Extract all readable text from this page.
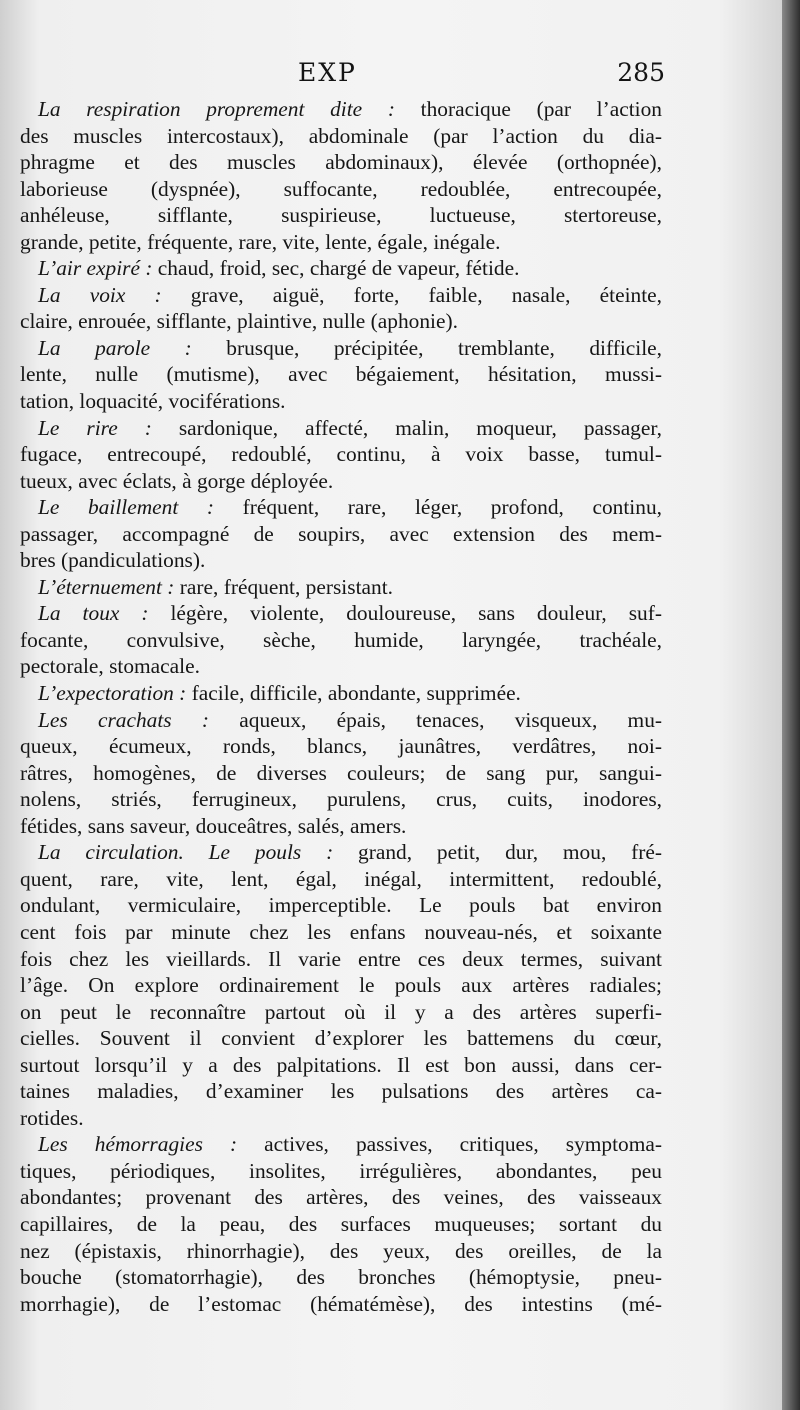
EXP	285
La respiration proprement dite : thoracique (par l’action
des muscles intercostaux), abdominale (par l’action du dia-
phragme et des muscles abdominaux), élevée (orthopnée),
laborieuse (dyspnée), suffocante, redoublée, entrecoupée,
anhéleuse, sifflante, suspirieuse, luctueuse, stertoreuse,
grande, petite, fréquente, rare, vite, lente, égale, inégale.
L’air expiré : chaud, froid, sec, chargé de vapeur, fétide.
La voix : grave, aiguë, forte, faible, nasale, éteinte,
claire, enrouée, sifflante, plaintive, nulle (aphonie).
La parole : brusque, précipitée, tremblante, difficile,
lente, nulle (mutisme), avec bégaiement, hésitation, mussi-
tation, loquacité, vociférations.
Le rire : sardonique, affecté, malin, moqueur, passager,
fugace, entrecoupé, redoublé, continu, à voix basse, tumul-
tueux, avec éclats, à gorge déployée.
Le baillement : fréquent, rare, léger, profond, continu,
passager, accompagné de soupirs, avec extension des mem-
bres (pandiculations).
L’éternuement : rare, fréquent, persistant.
La toux : légère, violente, douloureuse, sans douleur, suf-
focante, convulsive, sèche, humide, laryngée, trachéale,
pectorale, stomacale.
L’expectoration : facile, difficile, abondante, supprimée.
Les crachats : aqueux, épais, tenaces, visqueux, mu-
queux, écumeux, ronds, blancs, jaunâtres, verdâtres, noi-
râtres, homogènes, de diverses couleurs; de sang pur, sangui-
nolens, striés, ferrugineux, purulens, crus, cuits, inodores,
fétides, sans saveur, douceâtres, salés, amers.
La circulation. Le pouls : grand, petit, dur, mou, fré-
quent, rare, vite, lent, égal, inégal, intermittent, redoublé,
ondulant, vermiculaire, imperceptible. Le pouls bat environ
cent fois par minute chez les enfans nouveau-nés, et soixante
fois chez les vieillards. Il varie entre ces deux termes, suivant
l’âge. On explore ordinairement le pouls aux artères radiales;
on peut le reconnaître partout où il y a des artères superfi-
cielles. Souvent il convient d’explorer les battemens du cœur,
surtout lorsqu’il y a des palpitations. Il est bon aussi, dans cer-
taines maladies, d’examiner les pulsations des artères ca-
rotides.
Les hémorragies : actives, passives, critiques, symptoma-
tiques, périodiques, insolites, irrégulières, abondantes, peu
abondantes; provenant des artères, des veines, des vaisseaux
capillaires, de la peau, des surfaces muqueuses; sortant du
nez (épistaxis, rhinorrhagie), des yeux, des oreilles, de la
bouche (stomatorrhagie), des bronches (hémoptysie, pneu-
morrhagie), de l’estomac (hématémèse), des intestins (mé-
